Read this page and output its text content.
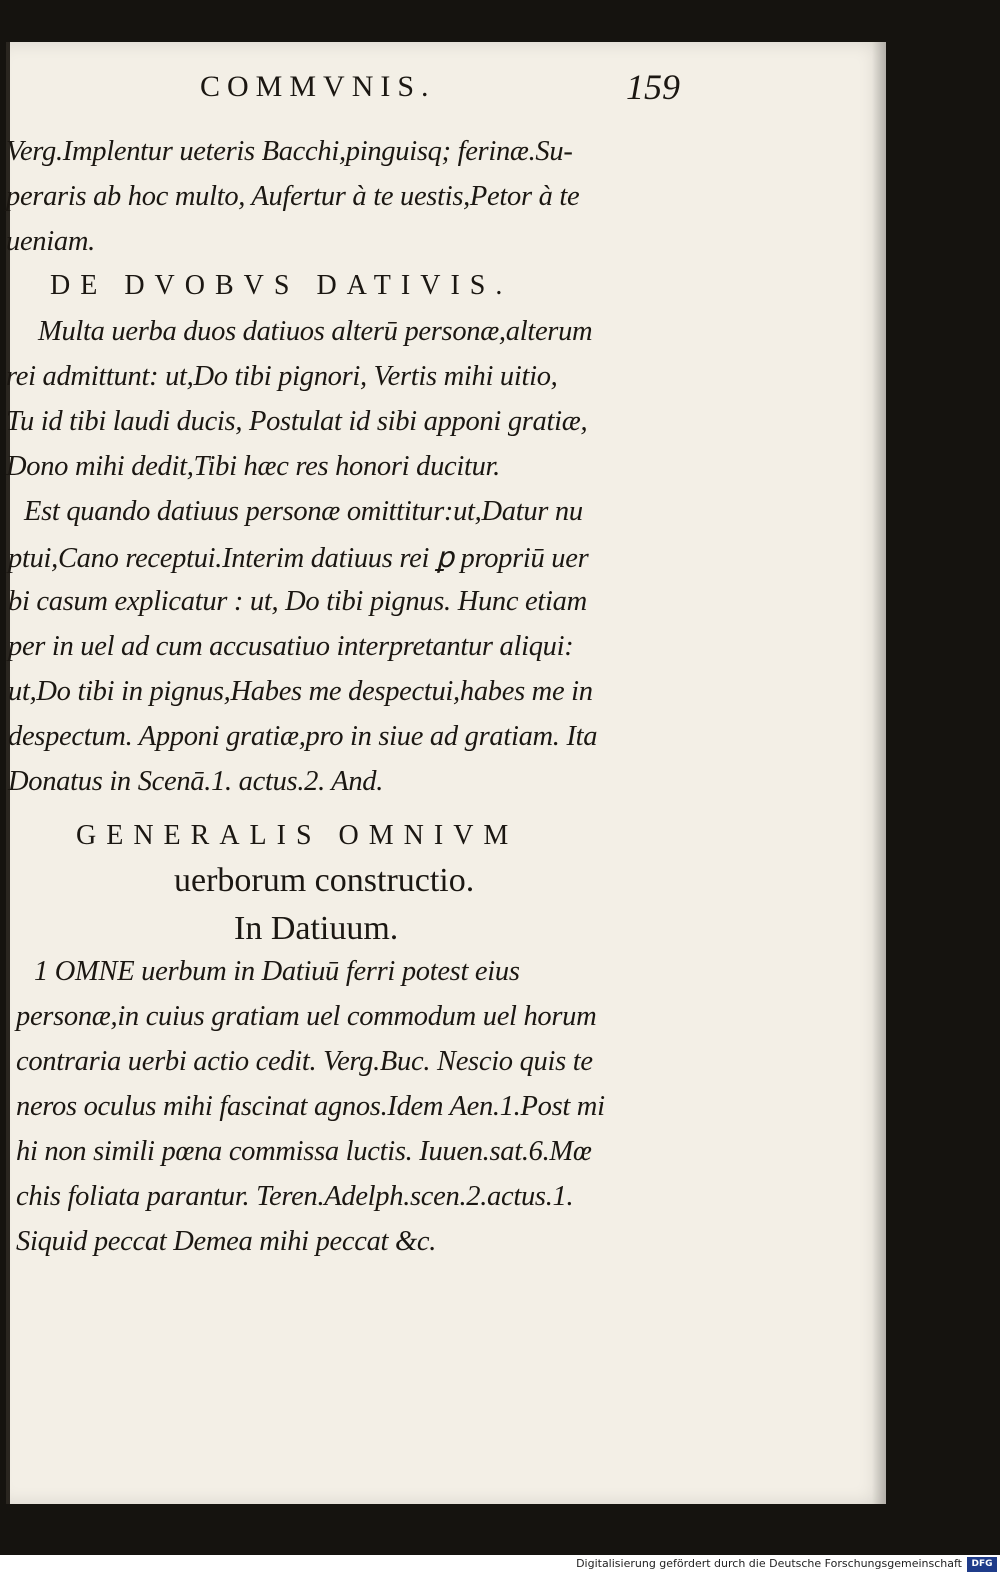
COMMVNIS.	159
Verg.Implentur ueteris Bacchi,pinguisq; ferinæ.Su-
peraris ab hoc multo, Aufertur à te uestis,Petor à te
ueniam.
DE DVOBVS DATIVIS.
Multa uerba duos datiuos alterū personæ,alterum
rei admittunt: ut,Do tibi pignori, Vertis mihi uitio,
Tu id tibi laudi ducis, Postulat id sibi apponi gratiæ,
Dono mihi dedit,Tibi hæc res honori ducitur.
Est quando datiuus personæ omittitur:ut,Datur nu
ptui,Cano receptui.Interim datiuus rei ꝑ propriū uer
bi casum explicatur : ut, Do tibi pignus. Hunc etiam
per in uel ad cum accusatiuo interpretantur aliqui:
ut,Do tibi in pignus,Habes me despectui,habes me in
despectum. Apponi gratiæ,pro in siue ad gratiam. Ita
Donatus in Scenā.1. actus.2. And.
GENERALIS OMNIVM
uerborum constructio.
In Datiuum.
1 OMNE uerbum in Datiuū ferri potest eius
personæ,in cuius gratiam uel commodum uel horum
contraria uerbi actio cedit. Verg.Buc. Nescio quis te
neros oculus mihi fascinat agnos.Idem Aen.1.Post mi
hi non simili pœna commissa luctis. Iuuen.sat.6.Mœ
chis foliata parantur. Teren.Adelph.scen.2.actus.1.
Siquid peccat Demea mihi peccat &c.
Digitalisierung gefördert durch die Deutsche Forschungsgemeinschaft	DFG
